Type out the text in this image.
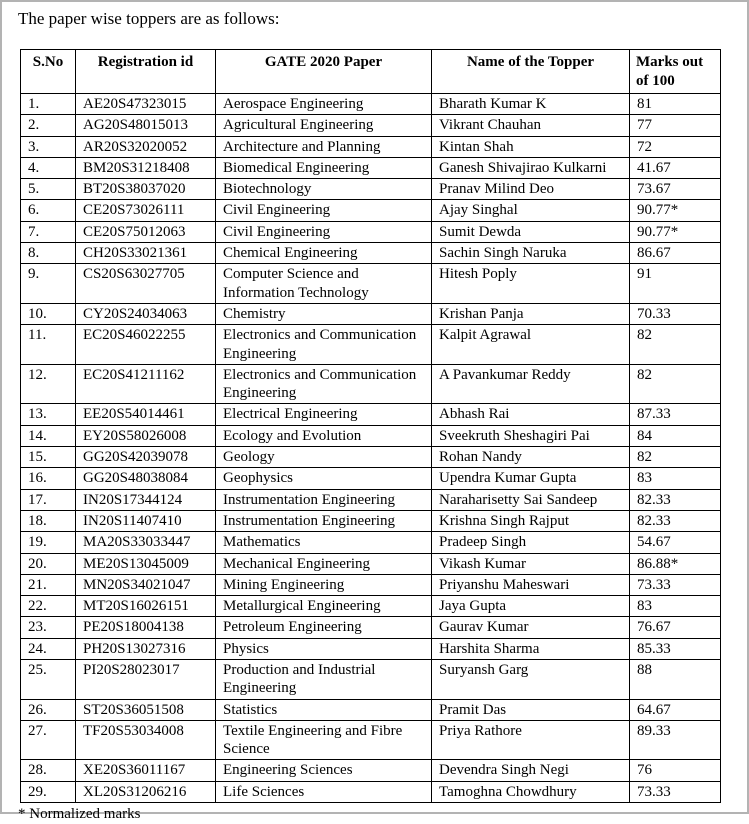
The paper wise toppers are as follows:
S.No	Registration id	GATE 2020 Paper	Name of the Topper	Marks out of 100
1.	AE20S47323015	Aerospace Engineering	Bharath Kumar K	81
2.	AG20S48015013	Agricultural Engineering	Vikrant Chauhan	77
3.	AR20S32020052	Architecture and Planning	Kintan Shah	72
4.	BM20S31218408	Biomedical Engineering	Ganesh Shivajirao Kulkarni	41.67
5.	BT20S38037020	Biotechnology	Pranav Milind Deo	73.67
6.	CE20S73026111	Civil Engineering	Ajay Singhal	90.77*
7.	CE20S75012063	Civil Engineering	Sumit Dewda	90.77*
8.	CH20S33021361	Chemical Engineering	Sachin Singh Naruka	86.67
9.	CS20S63027705	Computer Science and Information Technology	Hitesh Poply	91
10.	CY20S24034063	Chemistry	Krishan Panja	70.33
11.	EC20S46022255	Electronics and Communication Engineering	Kalpit Agrawal	82
12.	EC20S41211162	Electronics and Communication Engineering	A Pavankumar Reddy	82
13.	EE20S54014461	Electrical Engineering	Abhash Rai	87.33
14.	EY20S58026008	Ecology and Evolution	Sveekruth Sheshagiri Pai	84
15.	GG20S42039078	Geology	Rohan Nandy	82
16.	GG20S48038084	Geophysics	Upendra Kumar Gupta	83
17.	IN20S17344124	Instrumentation Engineering	Naraharisetty Sai Sandeep	82.33
18.	IN20S11407410	Instrumentation Engineering	Krishna Singh Rajput	82.33
19.	MA20S33033447	Mathematics	Pradeep Singh	54.67
20.	ME20S13045009	Mechanical Engineering	Vikash Kumar	86.88*
21.	MN20S34021047	Mining Engineering	Priyanshu Maheswari	73.33
22.	MT20S16026151	Metallurgical Engineering	Jaya Gupta	83
23.	PE20S18004138	Petroleum Engineering	Gaurav Kumar	76.67
24.	PH20S13027316	Physics	Harshita Sharma	85.33
25.	PI20S28023017	Production and Industrial Engineering	Suryansh Garg	88
26.	ST20S36051508	Statistics	Pramit Das	64.67
27.	TF20S53034008	Textile Engineering and Fibre Science	Priya Rathore	89.33
28.	XE20S36011167	Engineering Sciences	Devendra Singh Negi	76
29.	XL20S31206216	Life Sciences	Tamoghna Chowdhury	73.33
* Normalized marks
